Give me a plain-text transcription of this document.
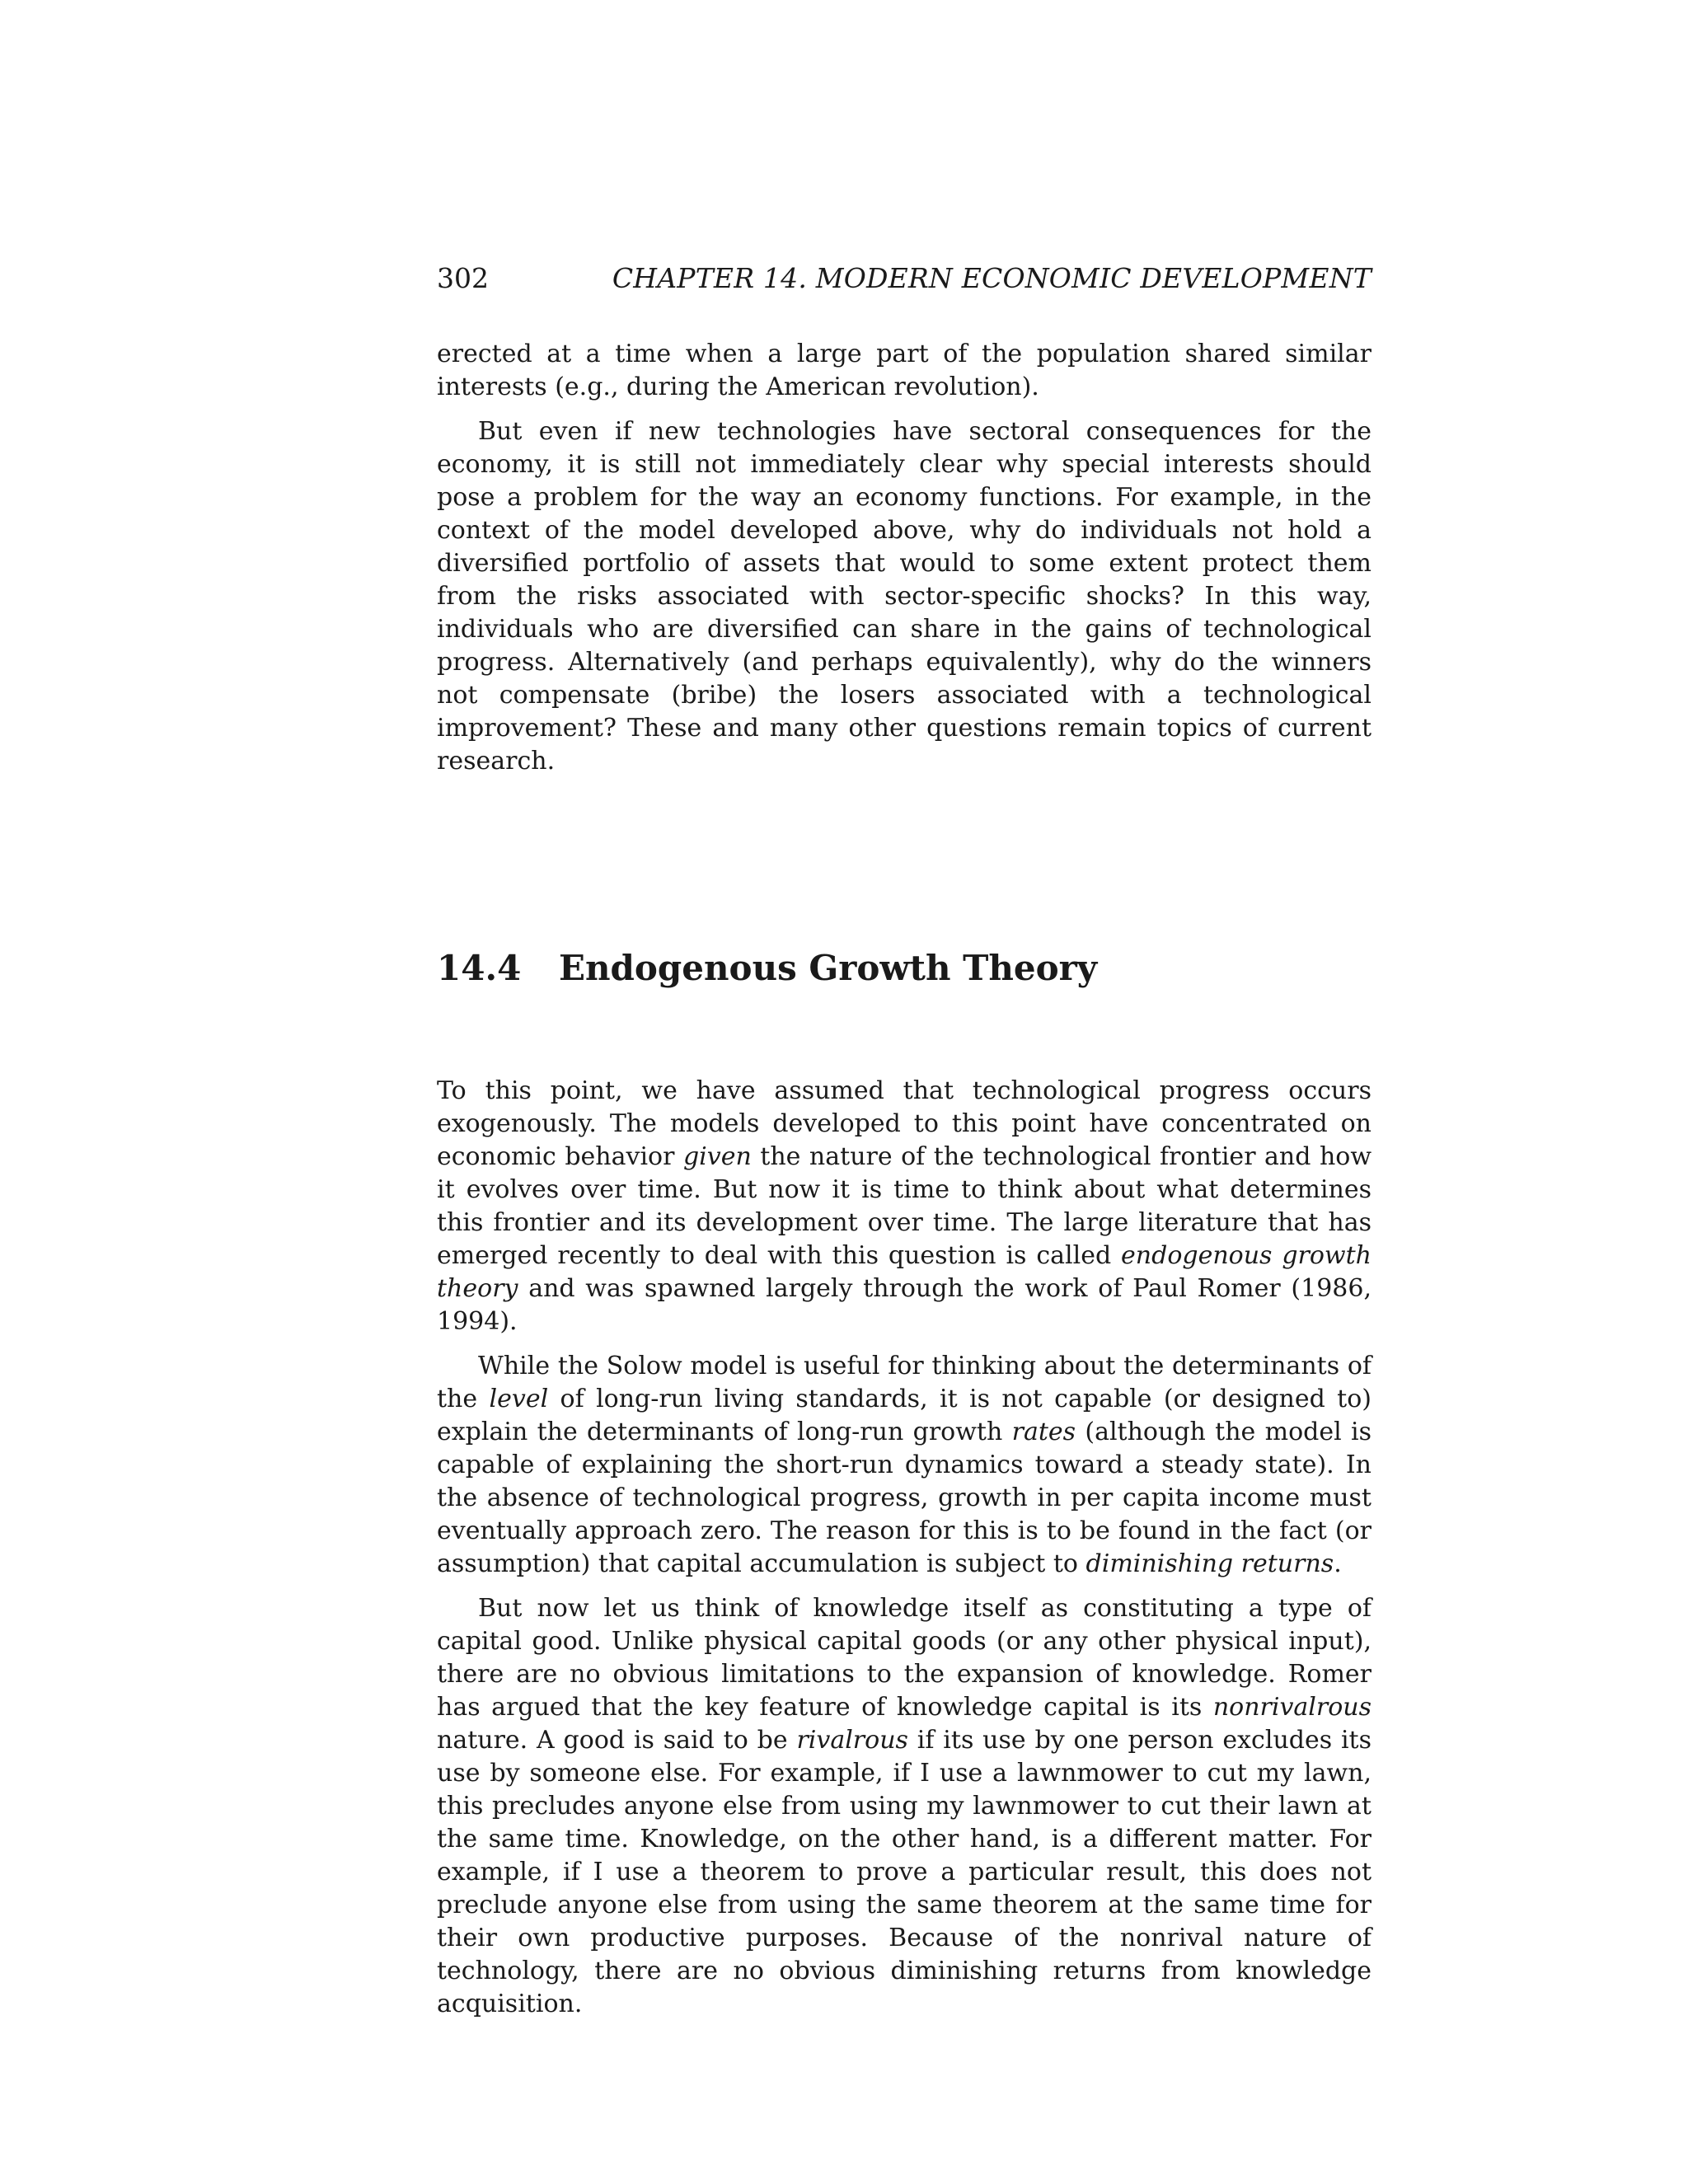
302	CHAPTER 14. MODERN ECONOMIC DEVELOPMENT

erected at a time when a large part of the population shared similar interests (e.g., during the American revolution).

But even if new technologies have sectoral consequences for the economy, it is still not immediately clear why special interests should pose a problem for the way an economy functions. For example, in the context of the model developed above, why do individuals not hold a diversified portfolio of assets that would to some extent protect them from the risks associated with sector-specific shocks? In this way, individuals who are diversified can share in the gains of technological progress. Alternatively (and perhaps equivalently), why do the winners not compensate (bribe) the losers associated with a technological improvement? These and many other questions remain topics of current research.

14.4	Endogenous Growth Theory

To this point, we have assumed that technological progress occurs exogenously. The models developed to this point have concentrated on economic behavior given the nature of the technological frontier and how it evolves over time. But now it is time to think about what determines this frontier and its development over time. The large literature that has emerged recently to deal with this question is called endogenous growth theory and was spawned largely through the work of Paul Romer (1986, 1994).

While the Solow model is useful for thinking about the determinants of the level of long-run living standards, it is not capable (or designed to) explain the determinants of long-run growth rates (although the model is capable of explaining the short-run dynamics toward a steady state). In the absence of technological progress, growth in per capita income must eventually approach zero. The reason for this is to be found in the fact (or assumption) that capital accumulation is subject to diminishing returns.

But now let us think of knowledge itself as constituting a type of capital good. Unlike physical capital goods (or any other physical input), there are no obvious limitations to the expansion of knowledge. Romer has argued that the key feature of knowledge capital is its nonrivalrous nature. A good is said to be rivalrous if its use by one person excludes its use by someone else. For example, if I use a lawnmower to cut my lawn, this precludes anyone else from using my lawnmower to cut their lawn at the same time. Knowledge, on the other hand, is a different matter. For example, if I use a theorem to prove a particular result, this does not preclude anyone else from using the same theorem at the same time for their own productive purposes. Because of the nonrival nature of technology, there are no obvious diminishing returns from knowledge acquisition.
